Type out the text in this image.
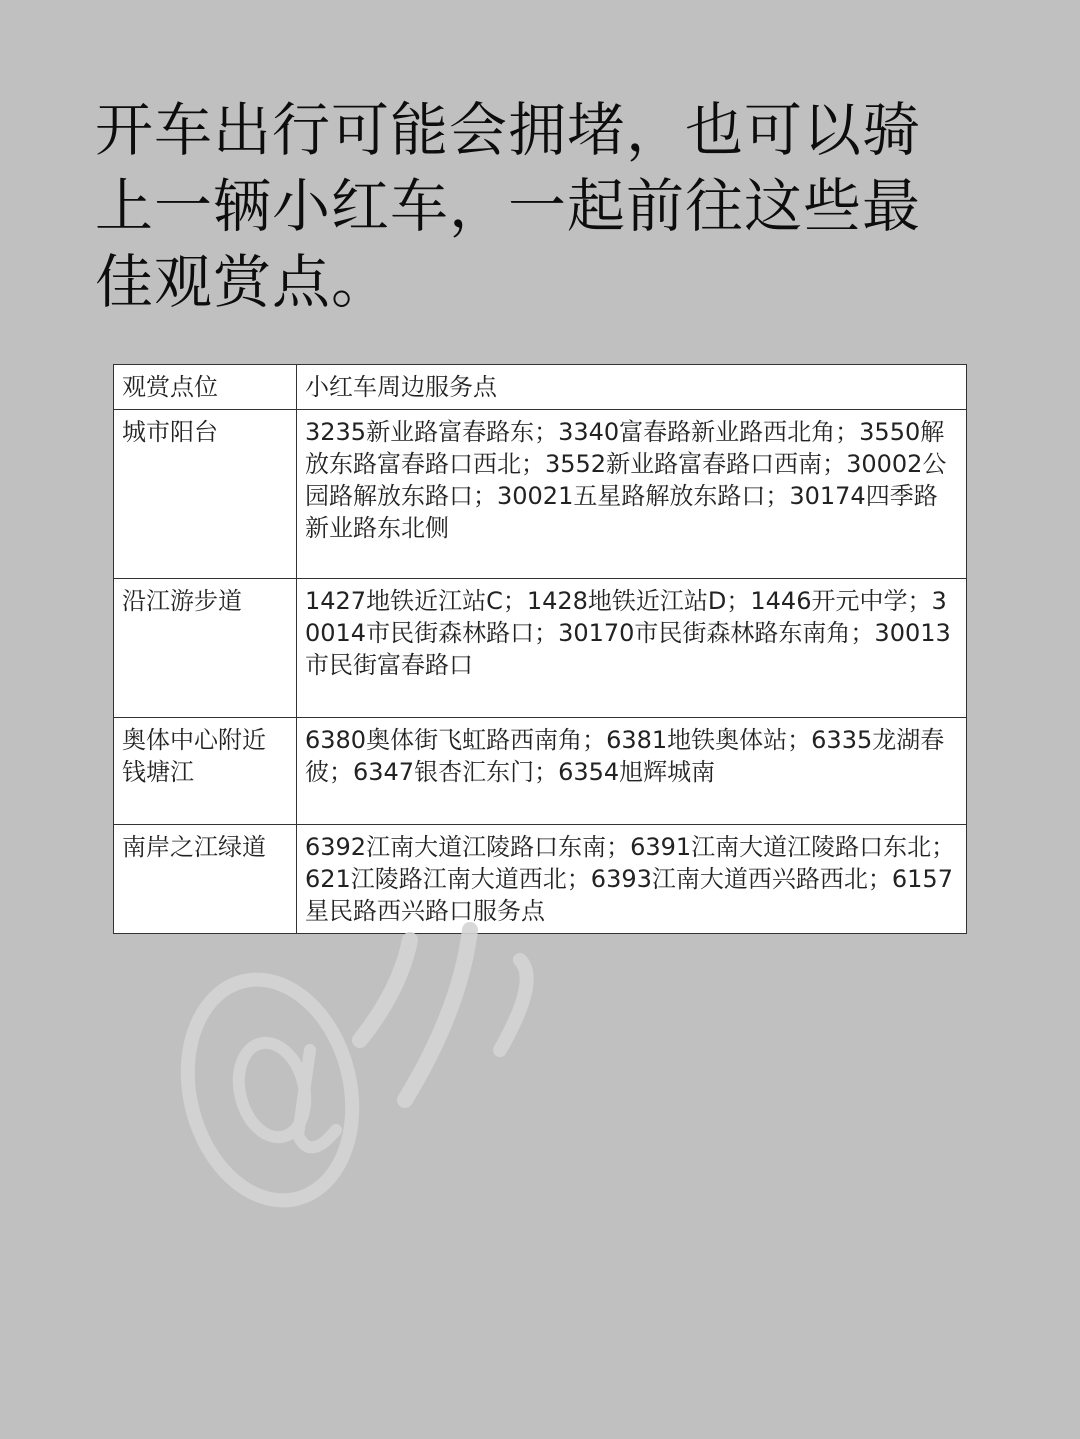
开车出行可能会拥堵，也可以骑上一辆小红车，一起前往这些最佳观赏点。
观赏点位	小红车周边服务点
城市阳台	3235新业路富春路东；3340富春路新业路西北角；3550解放东路富春路口西北；3552新业路富春路口西南；30002公园路解放东路口；30021五星路解放东路口；30174四季路新业路东北侧
沿江游步道	1427地铁近江站C；1428地铁近江站D；1446开元中学；30014市民街森林路口；30170市民街森林路东南角；30013市民街富春路口
奥体中心附近钱塘江	6380奥体街飞虹路西南角；6381地铁奥体站；6335龙湖春彼；6347银杏汇东门；6354旭辉城南
南岸之江绿道	6392江南大道江陵路口东南；6391江南大道江陵路口东北；621江陵路江南大道西北；6393江南大道西兴路西北；6157星民路西兴路口服务点
